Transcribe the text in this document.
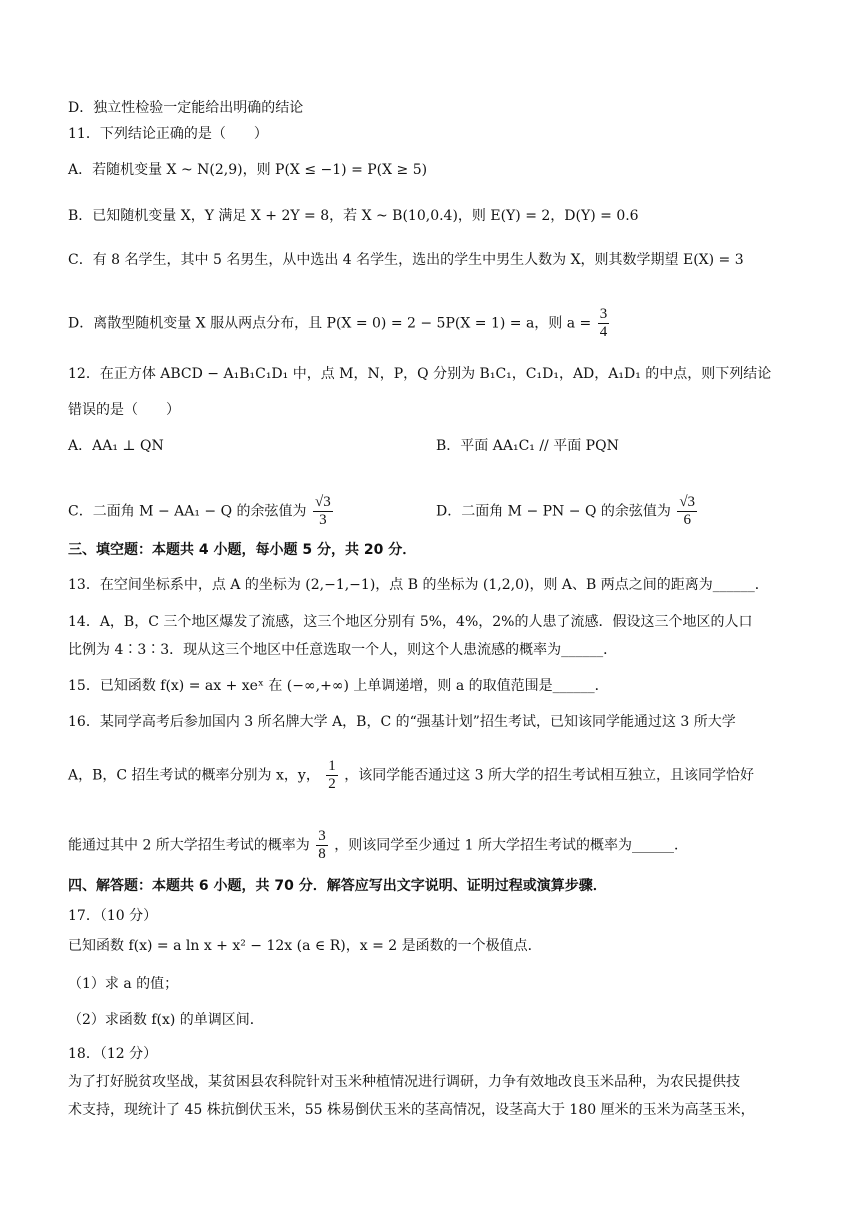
D．独立性检验一定能给出明确的结论
11．下列结论正确的是（　　）
A．若随机变量 X ~ N(2,9)，则 P(X ≤ −1) = P(X ≥ 5)
B．已知随机变量 X，Y 满足 X + 2Y = 8，若 X ~ B(10,0.4)，则 E(Y) = 2，D(Y) = 0.6
C．有 8 名学生，其中 5 名男生，从中选出 4 名学生，选出的学生中男生人数为 X，则其数学期望 E(X) = 3
D．离散型随机变量 X 服从两点分布，且 P(X = 0) = 2 − 5P(X = 1) = a，则 $a = \frac{3}{4}$
12．在正方体 ABCD − A₁B₁C₁D₁ 中，点 M，N，P，Q 分别为 B₁C₁，C₁D₁，AD，A₁D₁ 的中点，则下列结论
错误的是（　　）
A．AA₁ ⊥ QN	B．平面 AA₁C₁ // 平面 PQN
C．二面角 M − AA₁ − Q 的余弦值为 $\frac{√3}{3}$	D．二面角 M − PN − Q 的余弦值为 $\frac{√3}{6}$
三、填空题：本题共 4 小题，每小题 5 分，共 20 分．
13．在空间坐标系中，点 A 的坐标为 (2,−1,−1)，点 B 的坐标为 (1,2,0)，则 A、B 两点之间的距离为______．
14．A，B，C 三个地区爆发了流感，这三个地区分别有 5%，4%，2%的人患了流感．假设这三个地区的人口
比例为 4∶3∶3．现从这三个地区中任意选取一个人，则这个人患流感的概率为______．
15．已知函数 f(x) = ax + xeˣ 在 (−∞,+∞) 上单调递增，则 a 的取值范围是______．
16．某同学高考后参加国内 3 所名牌大学 A，B，C 的“强基计划”招生考试，已知该同学能通过这 3 所大学
A，B，C 招生考试的概率分别为 x，y， $\frac{1}{2}$ ，该同学能否通过这 3 所大学的招生考试相互独立，且该同学恰好
能通过其中 2 所大学招生考试的概率为 $\frac{3}{8}$ ，则该同学至少通过 1 所大学招生考试的概率为______．
四、解答题：本题共 6 小题，共 70 分．解答应写出文字说明、证明过程或演算步骤．
17．（10 分）
已知函数 f(x) = a ln x + x² − 12x (a ∈ R)，x = 2 是函数的一个极值点．
（1）求 a 的值；
（2）求函数 f(x) 的单调区间．
18．（12 分）
为了打好脱贫攻坚战，某贫困县农科院针对玉米种植情况进行调研，力争有效地改良玉米品种，为农民提供技
术支持，现统计了 45 株抗倒伏玉米，55 株易倒伏玉米的茎高情况，设茎高大于 180 厘米的玉米为高茎玉米，
